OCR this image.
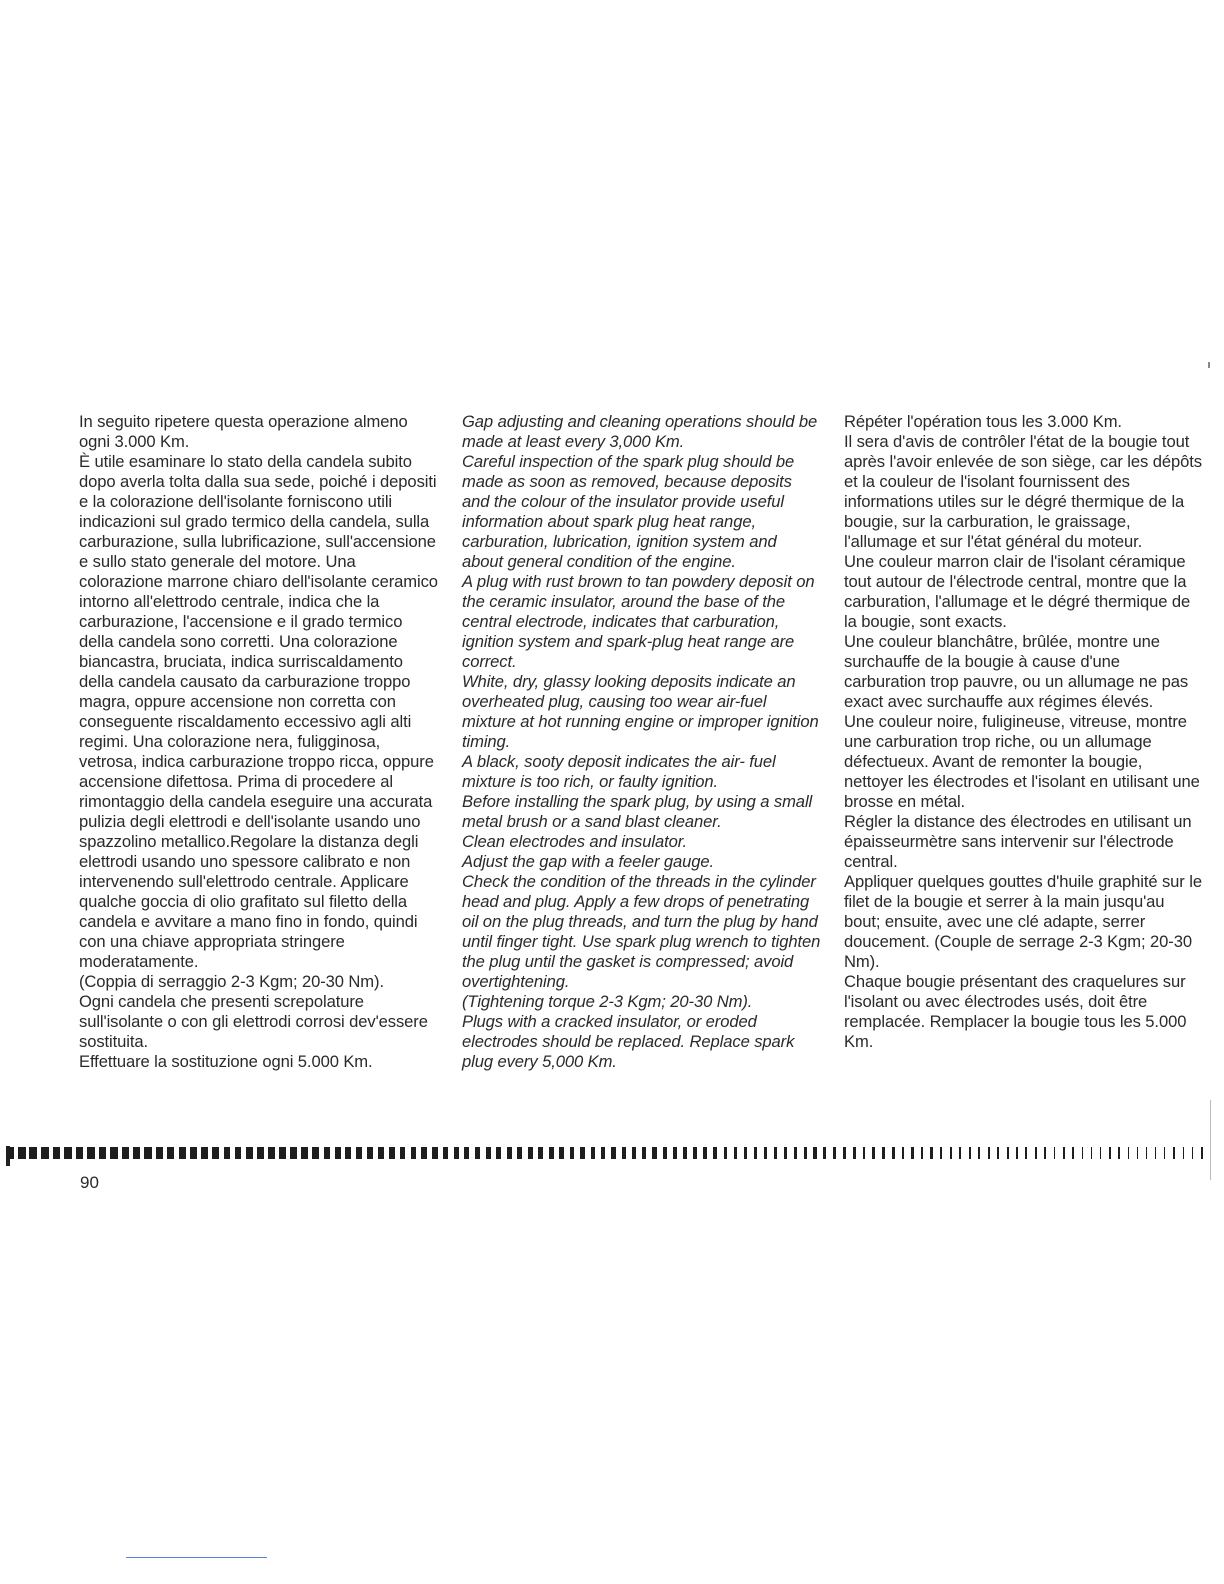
In seguito ripetere questa operazione almeno ogni 3.000 Km.

È utile esaminare lo stato della candela subito dopo averla tolta dalla sua sede, poiché i depositi e la colorazione dell'isolante forniscono utili indicazioni sul grado termico della candela, sulla carburazione, sulla lubrificazione, sull'accensione e sullo stato generale del motore. Una colorazione marrone chiaro dell'isolante ceramico intorno all'elettrodo centrale, indica che la carburazione, l'accensione e il grado termico della candela sono corretti. Una colorazione biancastra, bruciata, indica surriscaldamento della candela causato da carburazione troppo magra, oppure accensione non corretta con conseguente riscaldamento eccessivo agli alti regimi. Una colorazione nera, fuligginosa, vetrosa, indica carburazione troppo ricca, oppure accensione difettosa. Prima di procedere al rimontaggio della candela eseguire una accurata pulizia degli elettrodi e dell'isolante usando uno spazzolino metallico.Regolare la distanza degli elettrodi usando uno spessore calibrato e non intervenendo sull'elettrodo centrale. Applicare qualche goccia di olio grafitato sul filetto della candela e avvitare a mano fino in fondo, quindi con una chiave appropriata stringere moderatamente.

(Coppia di serraggio 2-3 Kgm; 20-30 Nm).

Ogni candela che presenti screpolature sull'isolante o con gli elettrodi corrosi dev'essere sostituita.

Effettuare la sostituzione ogni 5.000 Km.

Gap adjusting and cleaning operations should be made at least every 3,000 Km.

Careful inspection of the spark plug should be made as soon as removed, because deposits and the colour of the insulator provide useful information about spark plug heat range, carburation, lubrication, ignition system and about general condition of the engine.

A plug with rust brown to tan powdery deposit on the ceramic insulator, around the base of the central electrode, indicates that carburation, ignition system and spark-plug heat range are correct.

White, dry, glassy looking deposits indicate an overheated plug, causing too wear air-fuel mixture at hot running engine or improper ignition timing.

A black, sooty deposit indicates the air- fuel mixture is too rich, or faulty ignition.

Before installing the spark plug, by using a small metal brush or a sand blast cleaner.

Clean electrodes and insulator.

Adjust the gap with a feeler gauge.

Check the condition of the threads in the cylinder head and plug. Apply a few drops of penetrating oil on the plug threads, and turn the plug by hand until finger tight. Use spark plug wrench to tighten the plug until the gasket is compressed; avoid overtightening.

(Tightening torque 2-3 Kgm; 20-30 Nm).

Plugs with a cracked insulator, or eroded electrodes should be replaced. Replace spark plug every 5,000 Km.

Répéter l'opération tous les 3.000 Km.

Il sera d'avis de contrôler l'état de la bougie tout après l'avoir enlevée de son siège, car les dépôts et la couleur de l'isolant fournissent des informations utiles sur le dégré thermique de la bougie, sur la carburation, le graissage, l'allumage et sur l'état général du moteur.

Une couleur marron clair de l'isolant céramique tout autour de l'électrode central, montre que la carburation, l'allumage et le dégré thermique de la bougie, sont exacts.

Une couleur blanchâtre, brûlée, montre une surchauffe de la bougie à cause d'une carburation trop pauvre, ou un allumage ne pas exact avec surchauffe aux régimes élevés.

Une couleur noire, fuligineuse, vitreuse, montre une carburation trop riche, ou un allumage défectueux. Avant de remonter la bougie, nettoyer les électrodes et l'isolant en utilisant une brosse en métal.

Régler la distance des électrodes en utilisant un épaisseurmètre sans intervenir sur l'électrode central.

Appliquer quelques gouttes d'huile graphité sur le filet de la bougie et serrer à la main jusqu'au bout; ensuite, avec une clé adapte, serrer doucement. (Couple de serrage 2-3 Kgm; 20-30 Nm).

Chaque bougie présentant des craquelures sur l'isolant ou avec électrodes usés, doit être remplacée. Remplacer la bougie tous les 5.000 Km.

90
